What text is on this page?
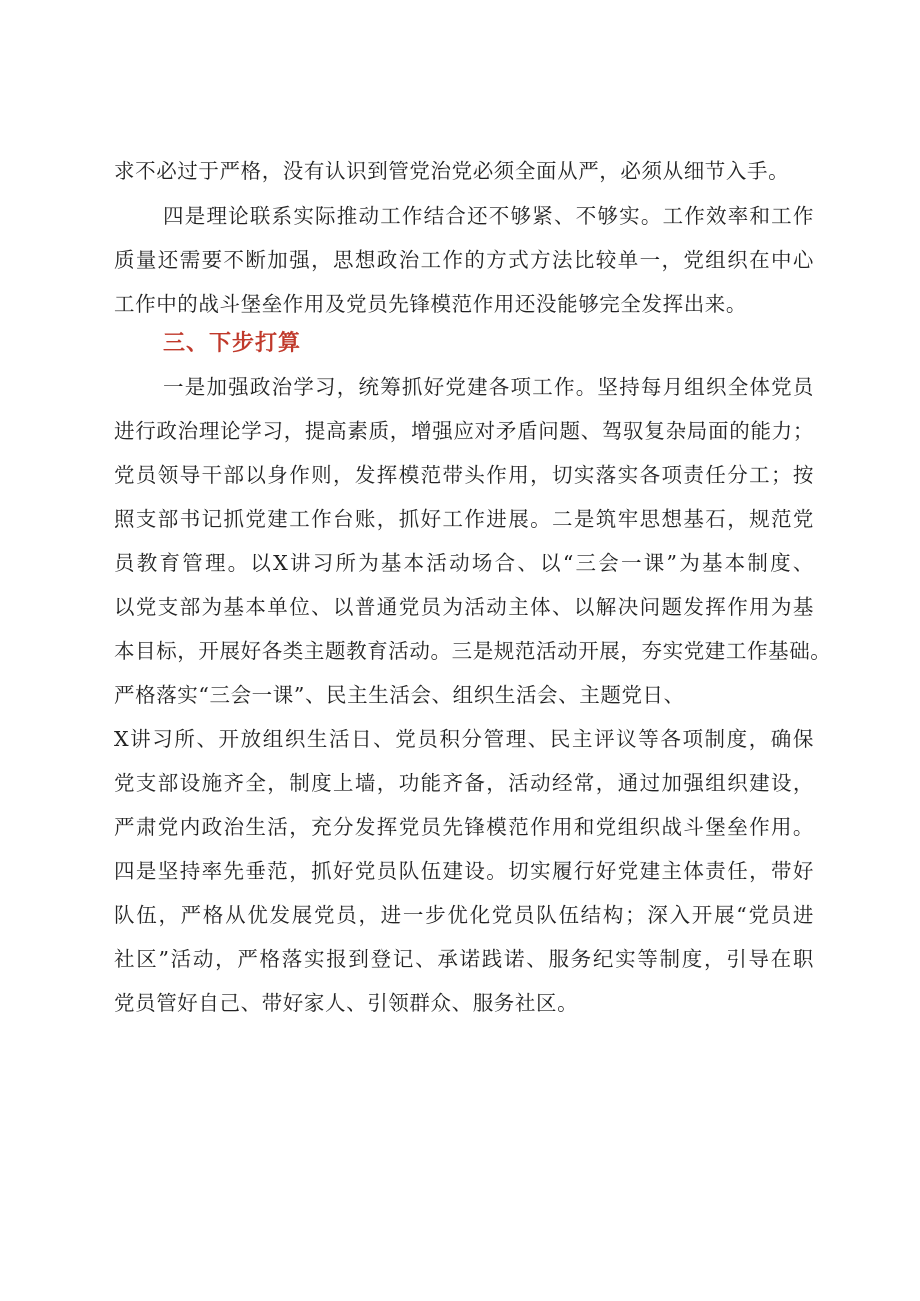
求不必过于严格，没有认识到管党治党必须全面从严，必须从细节入手。
四是理论联系实际推动工作结合还不够紧、不够实。工作效率和工作
质量还需要不断加强，思想政治工作的方式方法比较单一，党组织在中心
工作中的战斗堡垒作用及党员先锋模范作用还没能够完全发挥出来。
三、下步打算
一是加强政治学习，统筹抓好党建各项工作。坚持每月组织全体党员
进行政治理论学习，提高素质，增强应对矛盾问题、驾驭复杂局面的能力；
党员领导干部以身作则，发挥模范带头作用，切实落实各项责任分工；按
照支部书记抓党建工作台账，抓好工作进展。二是筑牢思想基石，规范党
员教育管理。以X讲习所为基本活动场合、以“三会一课”为基本制度、
以党支部为基本单位、以普通党员为活动主体、以解决问题发挥作用为基
本目标，开展好各类主题教育活动。三是规范活动开展，夯实党建工作基础。
严格落实“三会一课”、民主生活会、组织生活会、主题党日、
X讲习所、开放组织生活日、党员积分管理、民主评议等各项制度，确保
党支部设施齐全，制度上墙，功能齐备，活动经常，通过加强组织建设，
严肃党内政治生活，充分发挥党员先锋模范作用和党组织战斗堡垒作用。
四是坚持率先垂范，抓好党员队伍建设。切实履行好党建主体责任，带好
队伍，严格从优发展党员，进一步优化党员队伍结构；深入开展“党员进
社区”活动，严格落实报到登记、承诺践诺、服务纪实等制度，引导在职
党员管好自己、带好家人、引领群众、服务社区。
